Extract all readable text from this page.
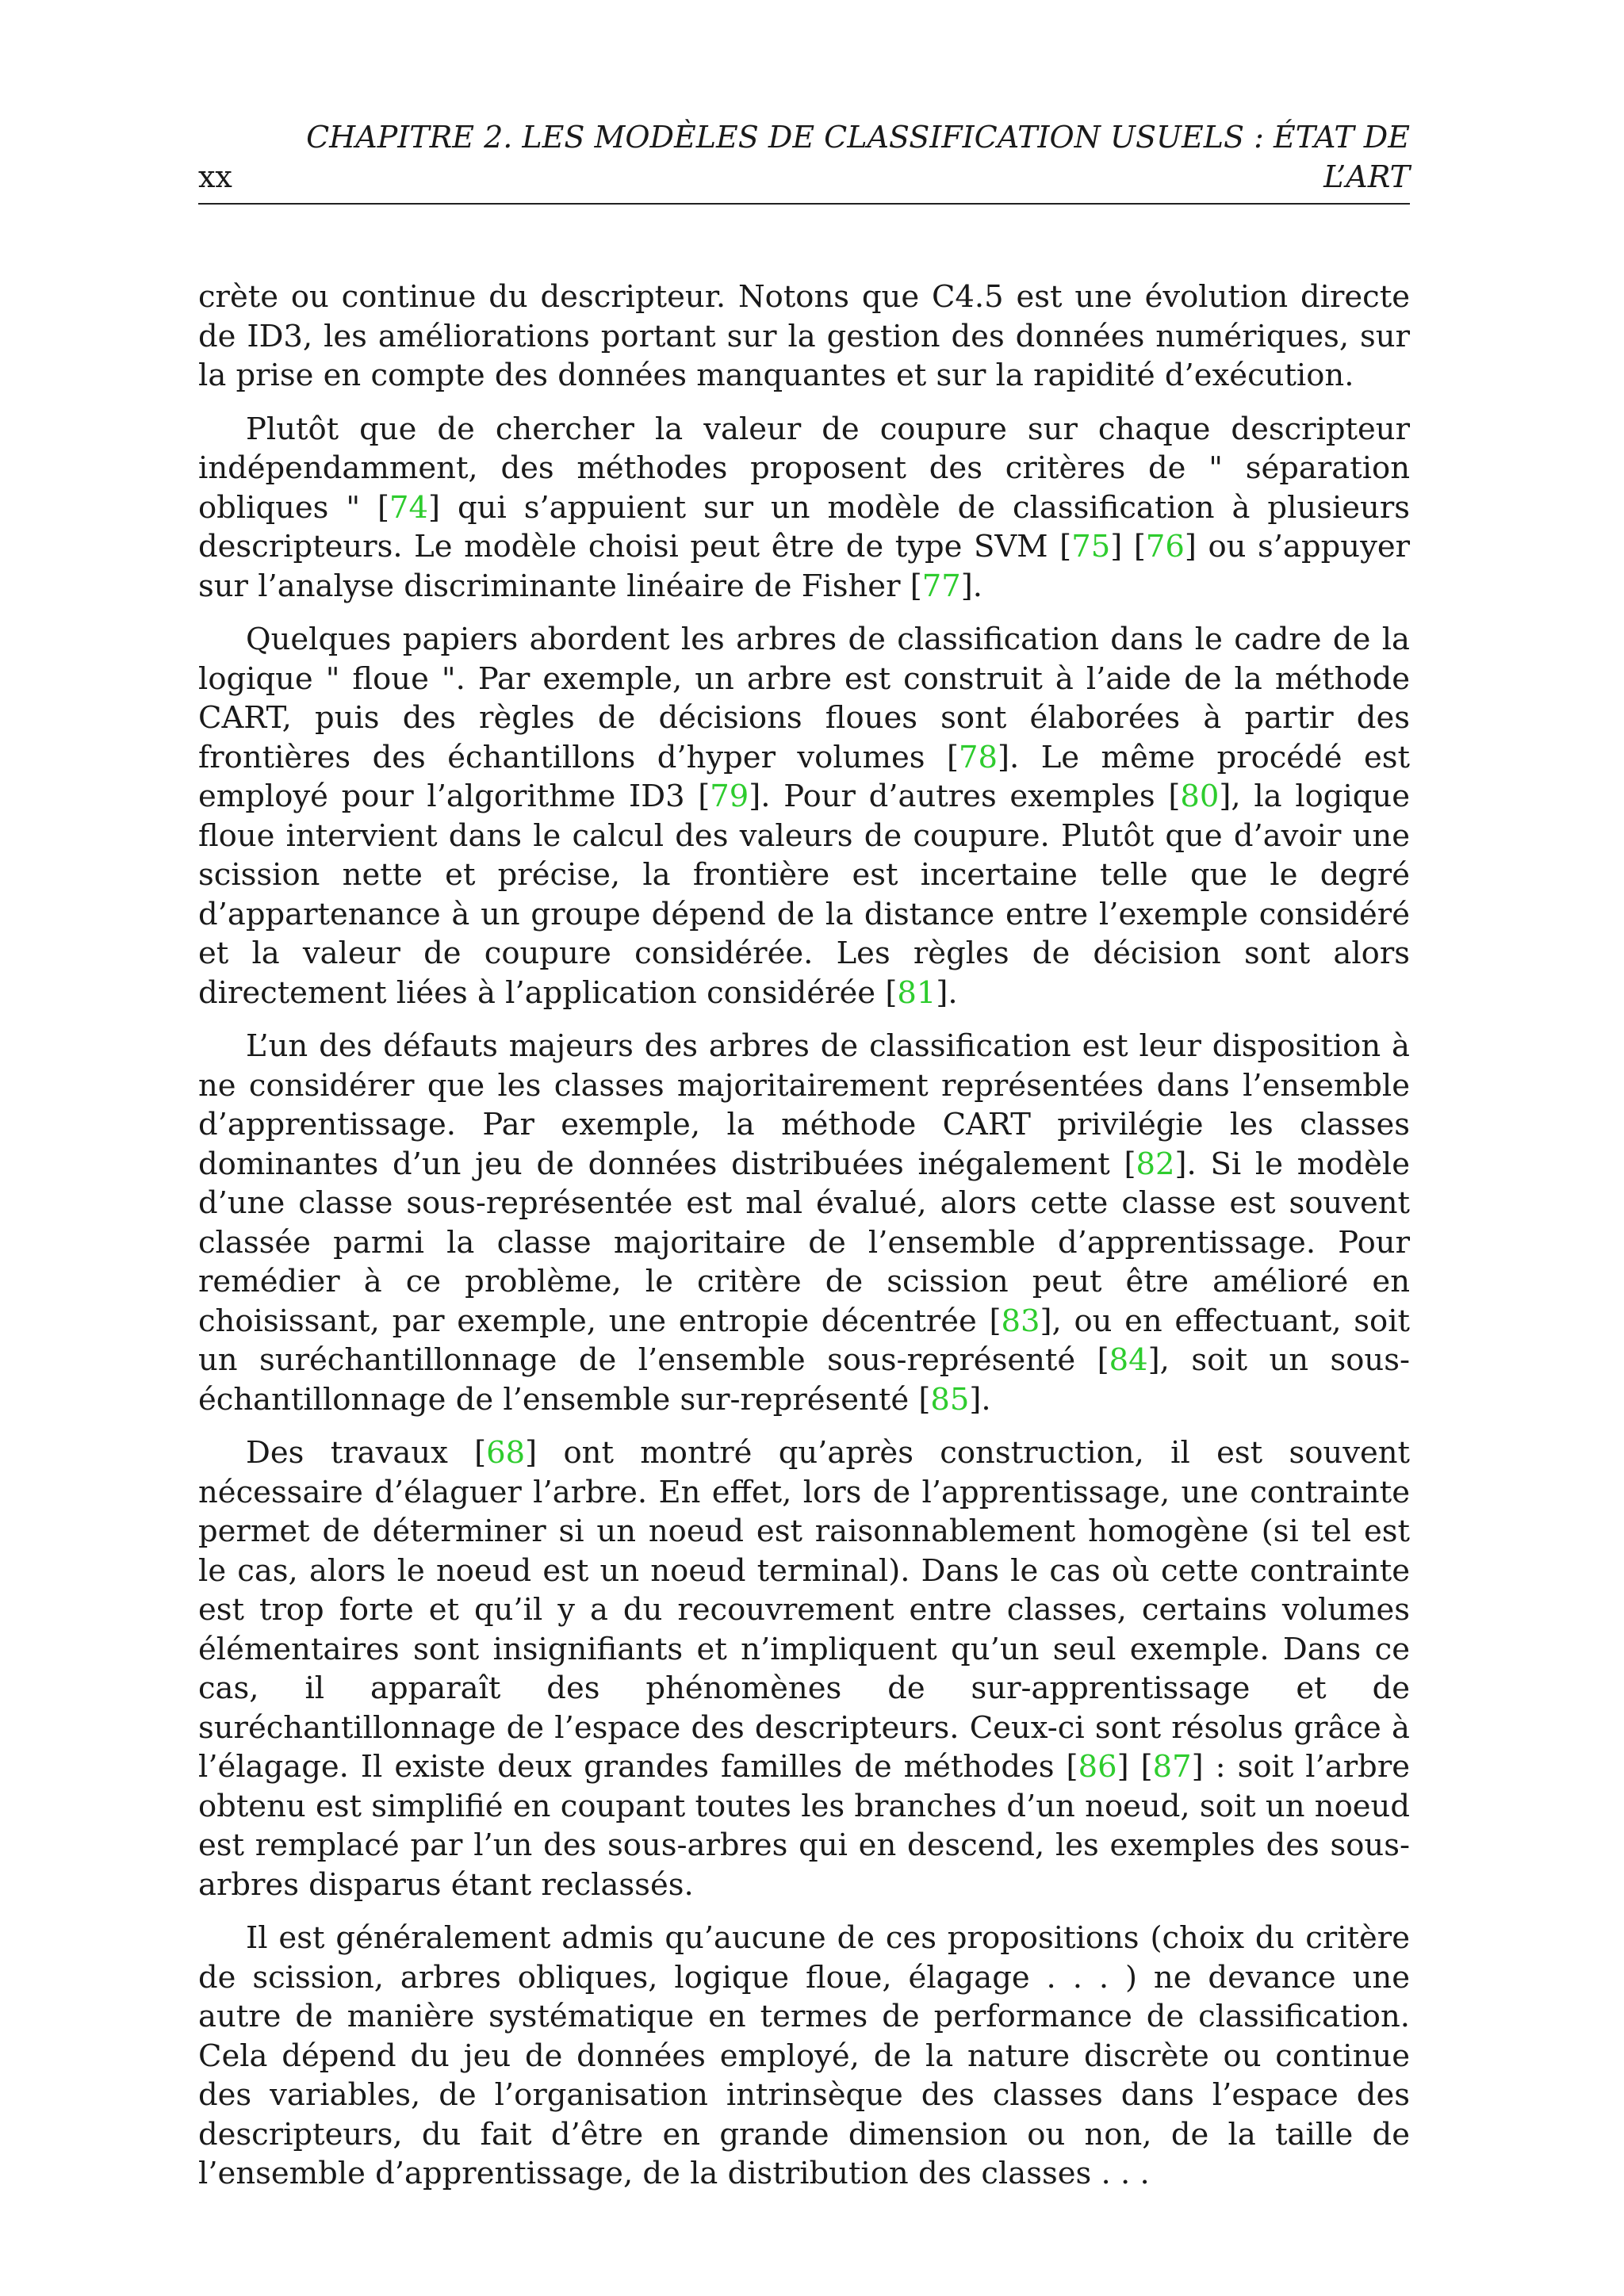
CHAPITRE 2. LES MODÈLES DE CLASSIFICATION USUELS : ÉTAT DE
xx	L’ART

crète ou continue du descripteur. Notons que C4.5 est une évolution directe de ID3, les améliorations portant sur la gestion des données numériques, sur la prise en compte des données manquantes et sur la rapidité d’exécution.

Plutôt que de chercher la valeur de coupure sur chaque descripteur indépendamment, des méthodes proposent des critères de " séparation obliques " [74] qui s’appuient sur un modèle de classification à plusieurs descripteurs. Le modèle choisi peut être de type SVM [75] [76] ou s’appuyer sur l’analyse discriminante linéaire de Fisher [77].

Quelques papiers abordent les arbres de classification dans le cadre de la logique " floue ". Par exemple, un arbre est construit à l’aide de la méthode CART, puis des règles de décisions floues sont élaborées à partir des frontières des échantillons d’hyper volumes [78]. Le même procédé est employé pour l’algorithme ID3 [79]. Pour d’autres exemples [80], la logique floue intervient dans le calcul des valeurs de coupure. Plutôt que d’avoir une scission nette et précise, la frontière est incertaine telle que le degré d’appartenance à un groupe dépend de la distance entre l’exemple considéré et la valeur de coupure considérée. Les règles de décision sont alors directement liées à l’application considérée [81].

L’un des défauts majeurs des arbres de classification est leur disposition à ne considérer que les classes majoritairement représentées dans l’ensemble d’apprentissage. Par exemple, la méthode CART privilégie les classes dominantes d’un jeu de données distribuées inégalement [82]. Si le modèle d’une classe sous-représentée est mal évalué, alors cette classe est souvent classée parmi la classe majoritaire de l’ensemble d’apprentissage. Pour remédier à ce problème, le critère de scission peut être amélioré en choisissant, par exemple, une entropie décentrée [83], ou en effectuant, soit un suréchantillonnage de l’ensemble sous-représenté [84], soit un sous-échantillonnage de l’ensemble sur-représenté [85].

Des travaux [68] ont montré qu’après construction, il est souvent nécessaire d’élaguer l’arbre. En effet, lors de l’apprentissage, une contrainte permet de déterminer si un noeud est raisonnablement homogène (si tel est le cas, alors le noeud est un noeud terminal). Dans le cas où cette contrainte est trop forte et qu’il y a du recouvrement entre classes, certains volumes élémentaires sont insignifiants et n’impliquent qu’un seul exemple. Dans ce cas, il apparaît des phénomènes de sur-apprentissage et de suréchantillonnage de l’espace des descripteurs. Ceux-ci sont résolus grâce à l’élagage. Il existe deux grandes familles de méthodes [86] [87] : soit l’arbre obtenu est simplifié en coupant toutes les branches d’un noeud, soit un noeud est remplacé par l’un des sous-arbres qui en descend, les exemples des sous-arbres disparus étant reclassés.

Il est généralement admis qu’aucune de ces propositions (choix du critère de scission, arbres obliques, logique floue, élagage . . . ) ne devance une autre de manière systématique en termes de performance de classification. Cela dépend du jeu de données employé, de la nature discrète ou continue des variables, de l’organisation intrinsèque des classes dans l’espace des descripteurs, du fait d’être en grande dimension ou non, de la taille de l’ensemble d’apprentissage, de la distribution des classes . . .
